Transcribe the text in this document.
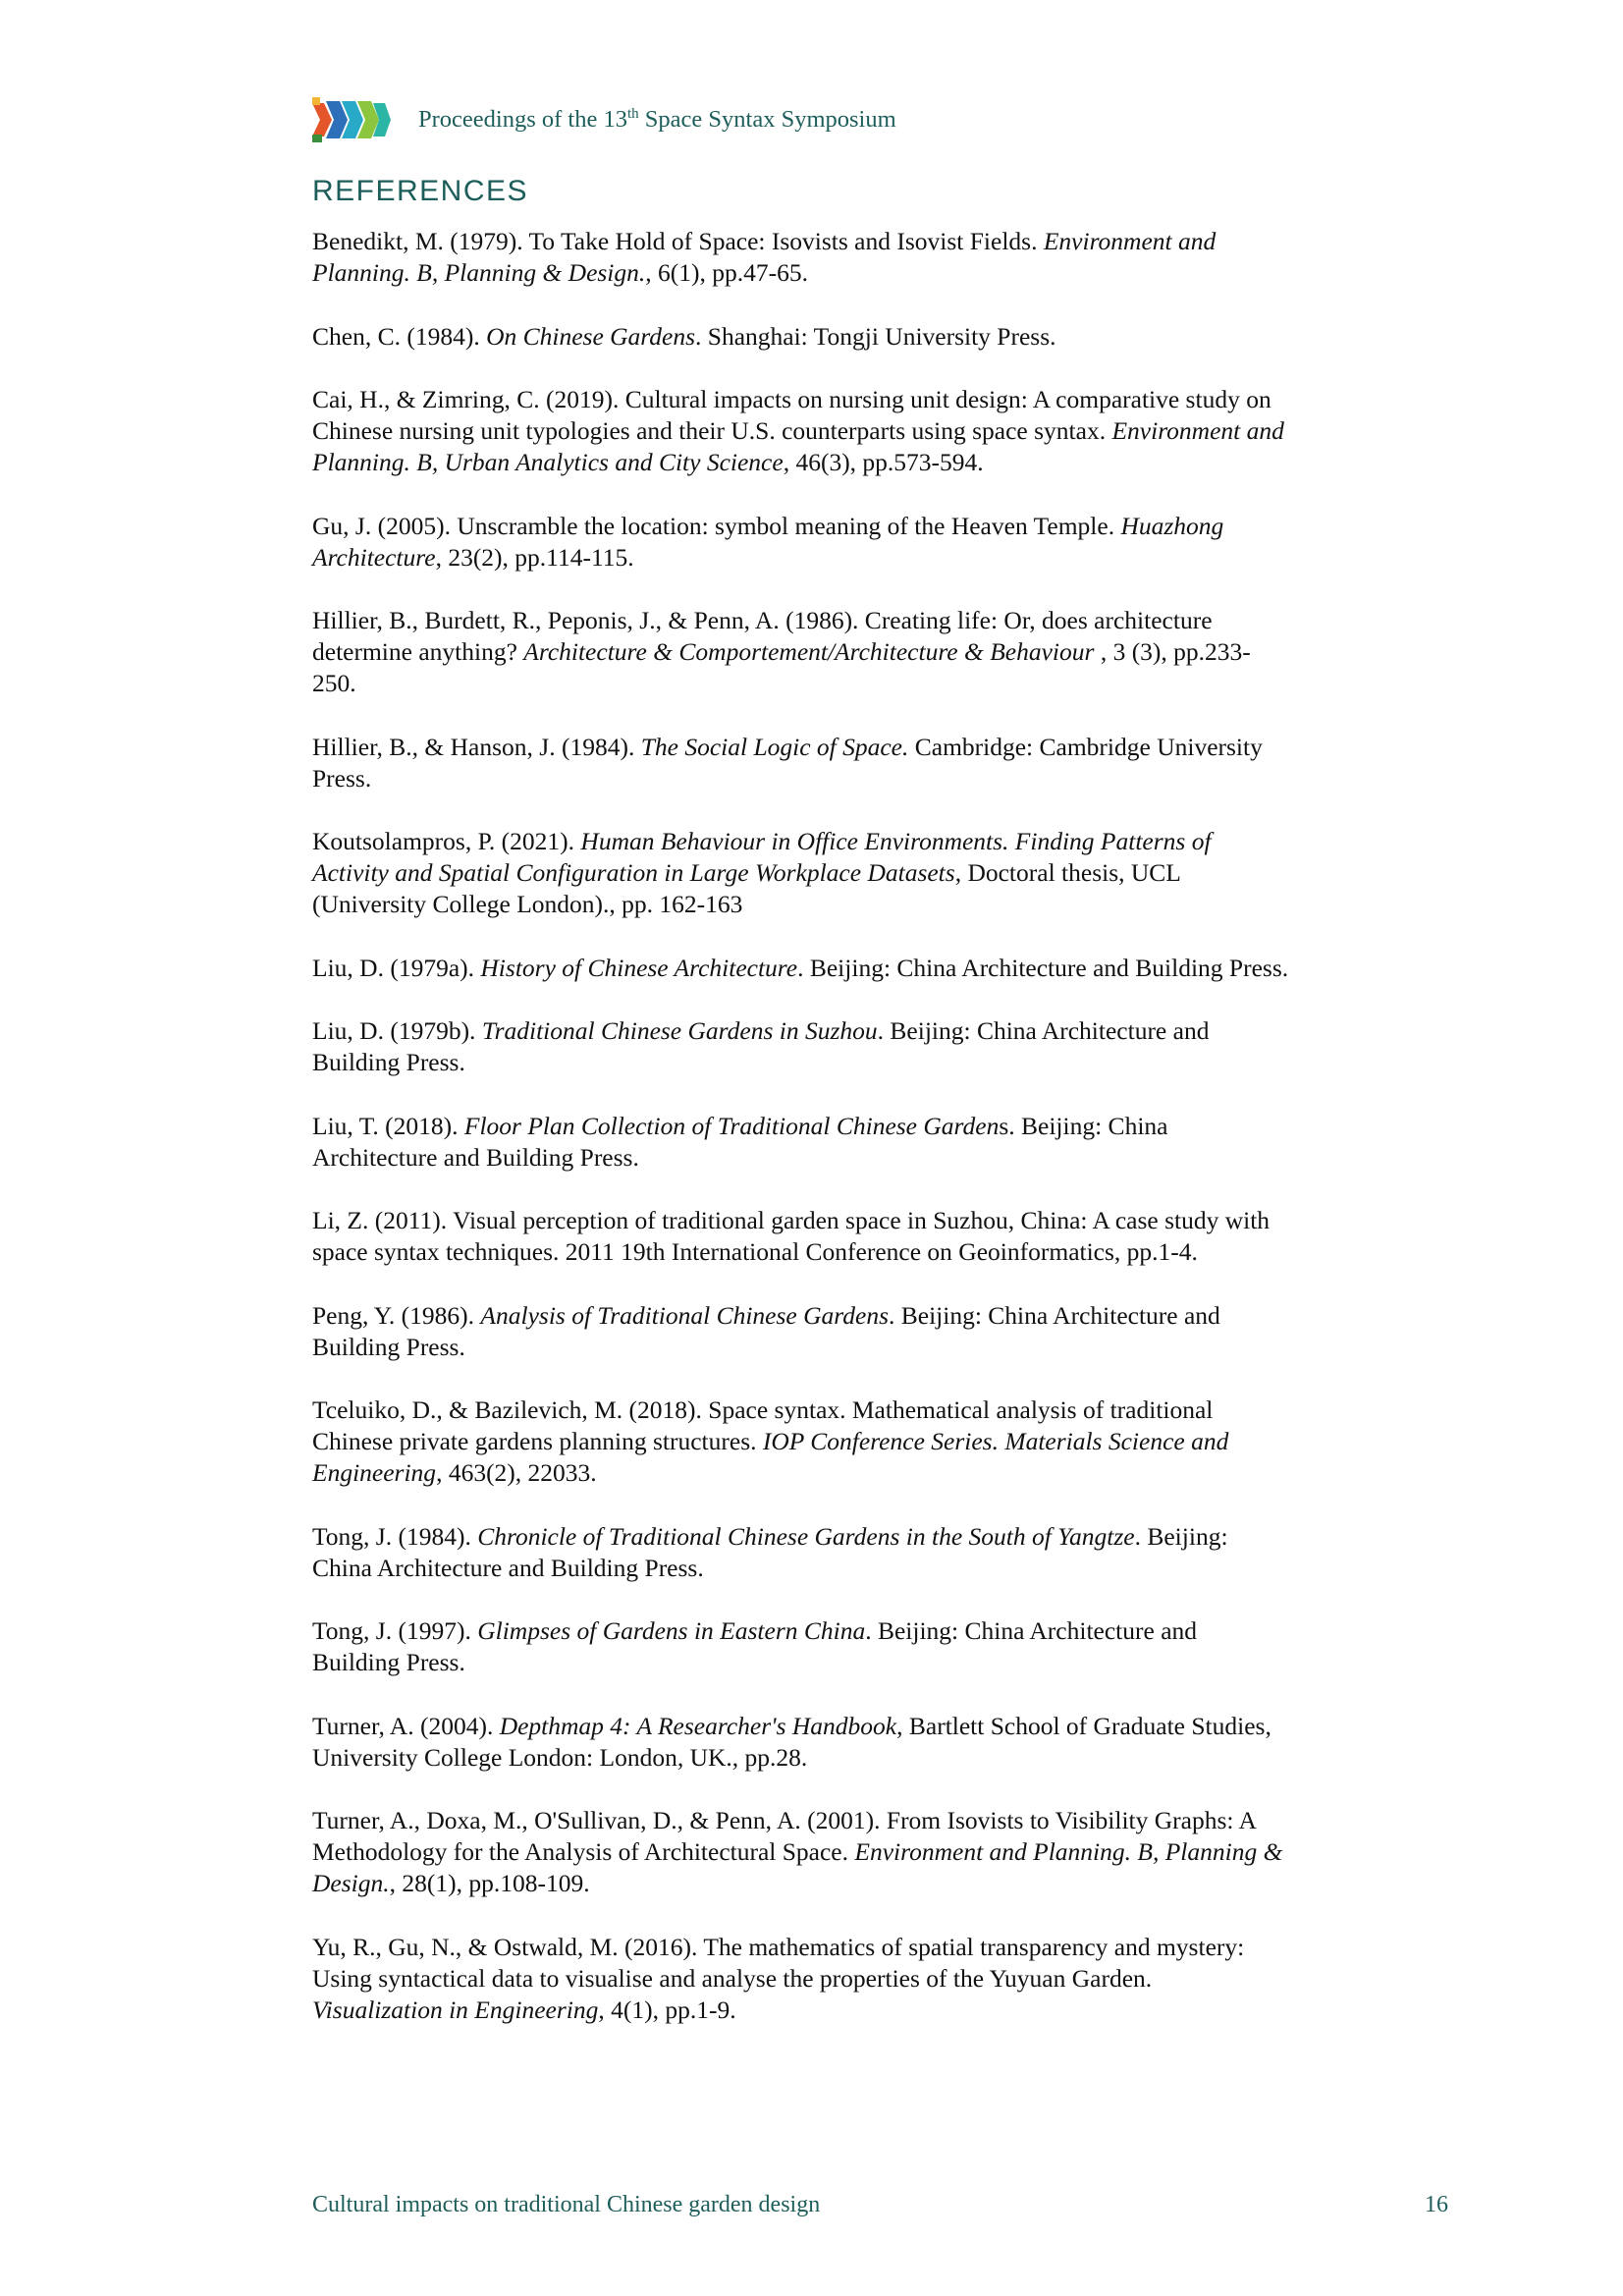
Proceedings of the 13th Space Syntax Symposium
REFERENCES

Benedikt, M. (1979). To Take Hold of Space: Isovists and Isovist Fields. Environment and
Planning. B, Planning & Design., 6(1), pp.47-65.

Chen, C. (1984). On Chinese Gardens. Shanghai: Tongji University Press.

Cai, H., & Zimring, C. (2019). Cultural impacts on nursing unit design: A comparative study on
Chinese nursing unit typologies and their U.S. counterparts using space syntax. Environment and
Planning. B, Urban Analytics and City Science, 46(3), pp.573-594.

Gu, J. (2005). Unscramble the location: symbol meaning of the Heaven Temple. Huazhong
Architecture, 23(2), pp.114-115.

Hillier, B., Burdett, R., Peponis, J., & Penn, A. (1986). Creating life: Or, does architecture
determine anything? Architecture & Comportement/Architecture & Behaviour , 3 (3), pp.233-
250.

Hillier, B., & Hanson, J. (1984). The Social Logic of Space. Cambridge: Cambridge University
Press.

Koutsolampros, P. (2021). Human Behaviour in Office Environments. Finding Patterns of
Activity and Spatial Configuration in Large Workplace Datasets, Doctoral thesis, UCL
(University College London)., pp. 162-163

Liu, D. (1979a). History of Chinese Architecture. Beijing: China Architecture and Building Press.

Liu, D. (1979b). Traditional Chinese Gardens in Suzhou. Beijing: China Architecture and
Building Press.

Liu, T. (2018). Floor Plan Collection of Traditional Chinese Gardens. Beijing: China
Architecture and Building Press.

Li, Z. (2011). Visual perception of traditional garden space in Suzhou, China: A case study with
space syntax techniques. 2011 19th International Conference on Geoinformatics, pp.1-4.

Peng, Y. (1986). Analysis of Traditional Chinese Gardens. Beijing: China Architecture and
Building Press.

Tceluiko, D., & Bazilevich, M. (2018). Space syntax. Mathematical analysis of traditional
Chinese private gardens planning structures. IOP Conference Series. Materials Science and
Engineering, 463(2), 22033.

Tong, J. (1984). Chronicle of Traditional Chinese Gardens in the South of Yangtze. Beijing:
China Architecture and Building Press.

Tong, J. (1997). Glimpses of Gardens in Eastern China. Beijing: China Architecture and
Building Press.

Turner, A. (2004). Depthmap 4: A Researcher's Handbook, Bartlett School of Graduate Studies,
University College London: London, UK., pp.28.

Turner, A., Doxa, M., O'Sullivan, D., & Penn, A. (2001). From Isovists to Visibility Graphs: A
Methodology for the Analysis of Architectural Space. Environment and Planning. B, Planning &
Design., 28(1), pp.108-109.

Yu, R., Gu, N., & Ostwald, M. (2016). The mathematics of spatial transparency and mystery:
Using syntactical data to visualise and analyse the properties of the Yuyuan Garden.
Visualization in Engineering, 4(1), pp.1-9.

Cultural impacts on traditional Chinese garden design	16
